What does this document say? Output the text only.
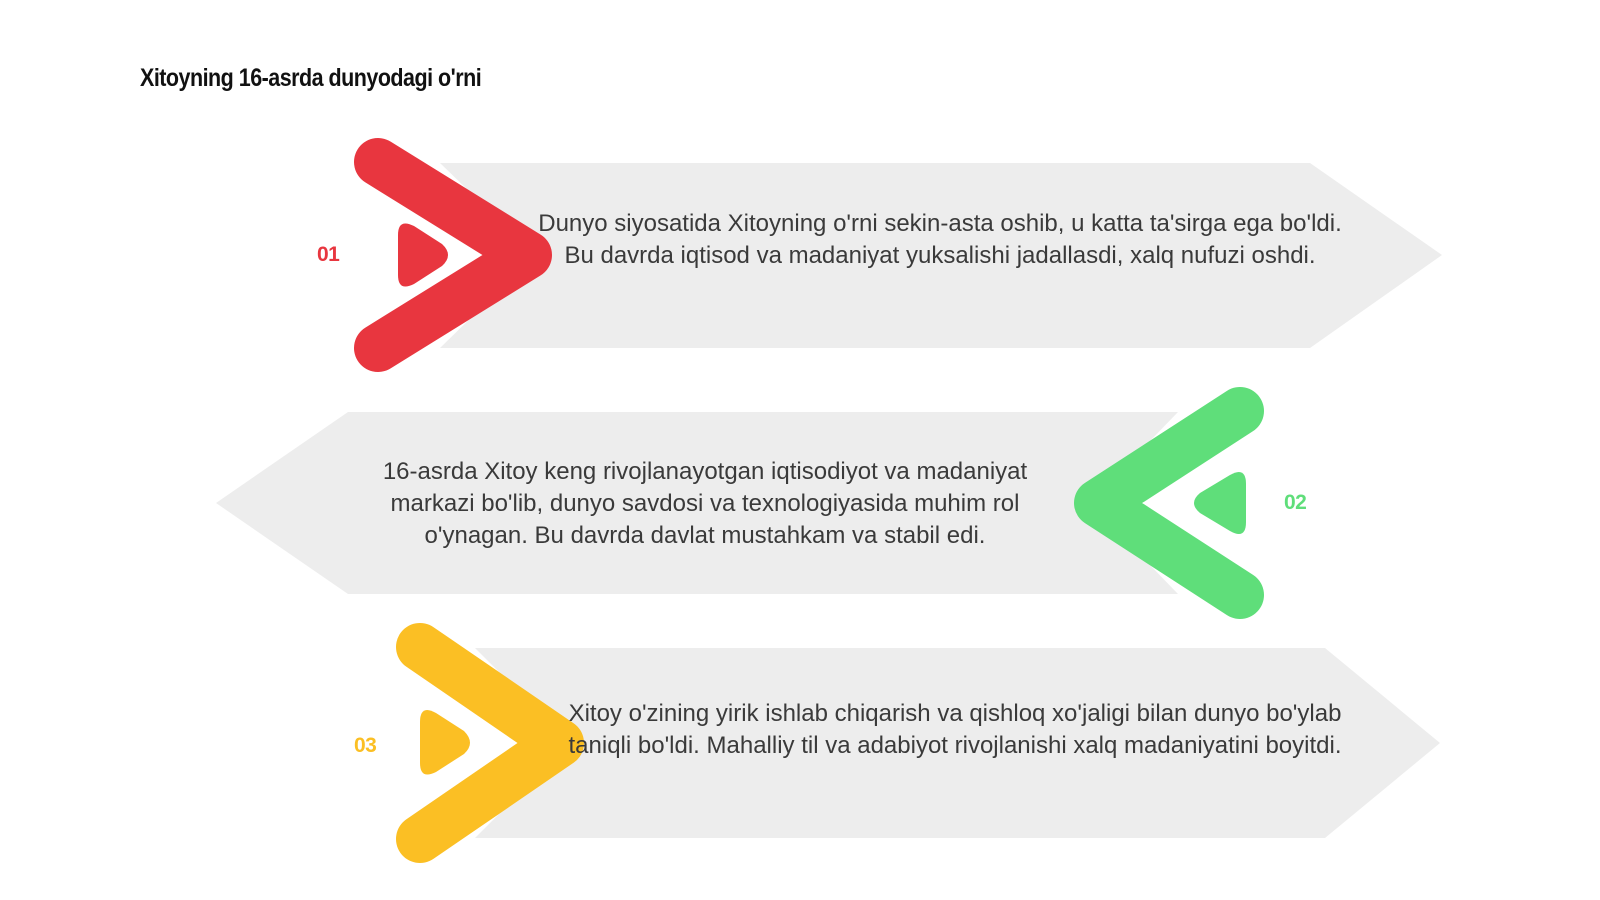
Xitoyning 16-asrda dunyodagi o'rni

01

Dunyo siyosatida Xitoyning o'rni sekin-asta oshib, u katta ta'sirga ega bo'ldi. Bu davrda iqtisod va madaniyat yuksalishi jadallasdi, xalq nufuzi oshdi.

16-asrda Xitoy keng rivojlanayotgan iqtisodiyot va madaniyat markazi bo'lib, dunyo savdosi va texnologiyasida muhim rol o'ynagan. Bu davrda davlat mustahkam va stabil edi.

02

03

Xitoy o'zining yirik ishlab chiqarish va qishloq xo'jaligi bilan dunyo bo'ylab taniqli bo'ldi. Mahalliy til va adabiyot rivojlanishi xalq madaniyatini boyitdi.
